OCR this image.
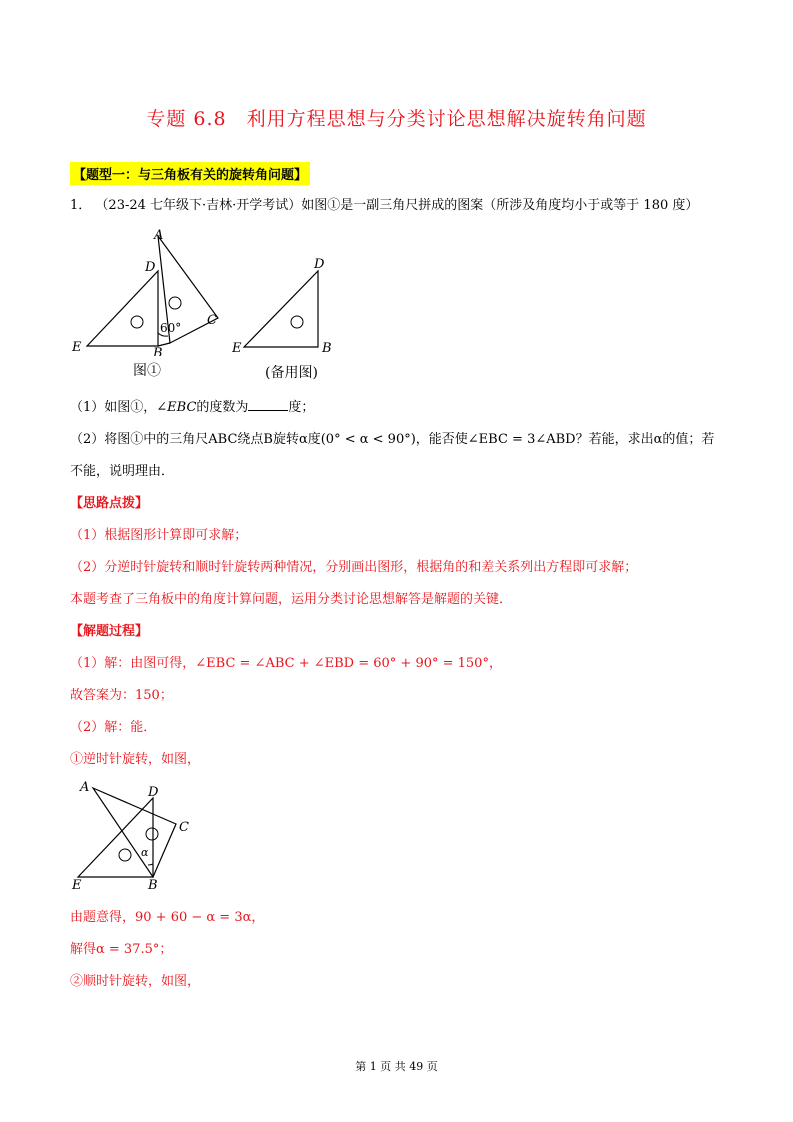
专题 6.8　利用方程思想与分类讨论思想解决旋转角问题
【题型一：与三角板有关的旋转角问题】
1． （23-24 七年级下·吉林·开学考试）如图①是一副三角尺拼成的图案（所涉及角度均小于或等于 180 度）
A
D
C
E	B
60°
图①
D
E	B
(备用图)
（1）如图①，∠EBC的度数为	度；
（2）将图①中的三角尺ABC绕点B旋转α度(0° < α < 90°)，能否使∠EBC = 3∠ABD？若能，求出α的值；若
不能，说明理由．
【思路点拨】
（1）根据图形计算即可求解；
（2）分逆时针旋转和顺时针旋转两种情况，分别画出图形，根据角的和差关系列出方程即可求解；
本题考查了三角板中的角度计算问题，运用分类讨论思想解答是解题的关键．
【解题过程】
（1）解：由图可得，∠EBC = ∠ABC + ∠EBD = 60° + 90° = 150°，
故答案为：150；
（2）解：能．
①逆时针旋转，如图，
A	D
C
E	B
α
由题意得，90 + 60 − α = 3α，
解得α = 37.5°；
②顺时针旋转，如图，
第 1 页 共 49 页
